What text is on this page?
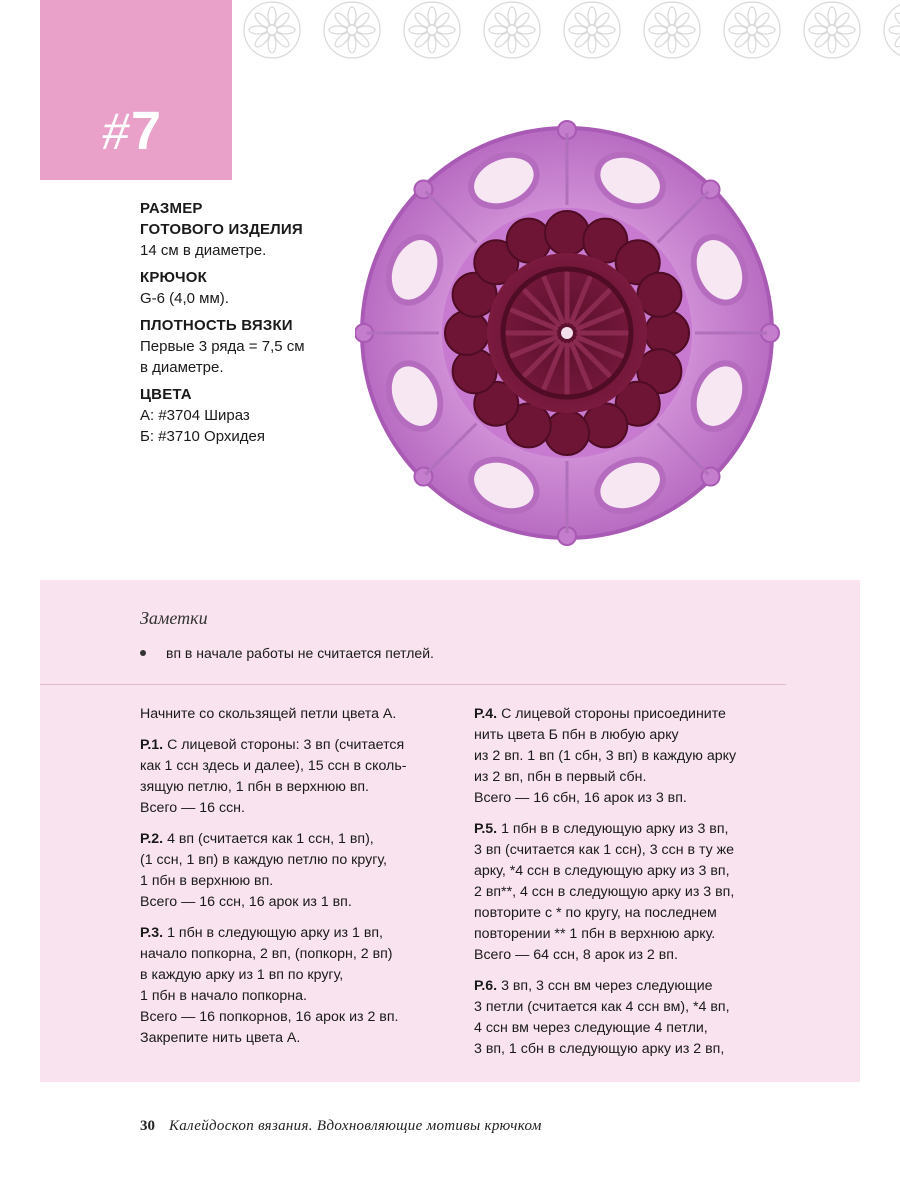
#7
РАЗМЕР
ГОТОВОГО ИЗДЕЛИЯ
14 см в диаметре.
КРЮЧОК
G-6 (4,0 мм).
ПЛОТНОСТЬ ВЯЗКИ
Первые 3 ряда = 7,5 см
в диаметре.
ЦВЕТА
А: #3704 Шираз
Б: #3710 Орхидея
Заметки
вп в начале работы не считается петлей.

Начните со скользящей петли цвета А.

Р.1. С лицевой стороны: 3 вп (считается
как 1 ссн здесь и далее), 15 ссн в сколь-
зящую петлю, 1 пбн в верхнюю вп.
Всего — 16 ссн.

Р.2. 4 вп (считается как 1 ссн, 1 вп),
(1 ссн, 1 вп) в каждую петлю по кругу,
1 пбн в верхнюю вп.
Всего — 16 ссн, 16 арок из 1 вп.

Р.3. 1 пбн в следующую арку из 1 вп,
начало попкорна, 2 вп, (попкорн, 2 вп)
в каждую арку из 1 вп по кругу,
1 пбн в начало попкорна.
Всего — 16 попкорнов, 16 арок из 2 вп.
Закрепите нить цвета А.

Р.4. С лицевой стороны присоедините
нить цвета Б пбн в любую арку
из 2 вп. 1 вп (1 сбн, 3 вп) в каждую арку
из 2 вп, пбн в первый сбн.
Всего — 16 сбн, 16 арок из 3 вп.

Р.5. 1 пбн в в следующую арку из 3 вп,
3 вп (считается как 1 ссн), 3 ссн в ту же
арку, *4 ссн в следующую арку из 3 вп,
2 вп**, 4 ссн в следующую арку из 3 вп,
повторите с * по кругу, на последнем
повторении ** 1 пбн в верхнюю арку.
Всего — 64 ссн, 8 арок из 2 вп.

Р.6. 3 вп, 3 ссн вм через следующие
3 петли (считается как 4 ссн вм), *4 вп,
4 ссн вм через следующие 4 петли,
3 вп, 1 сбн в следующую арку из 2 вп,

30 Калейдоскоп вязания. Вдохновляющие мотивы крючком
